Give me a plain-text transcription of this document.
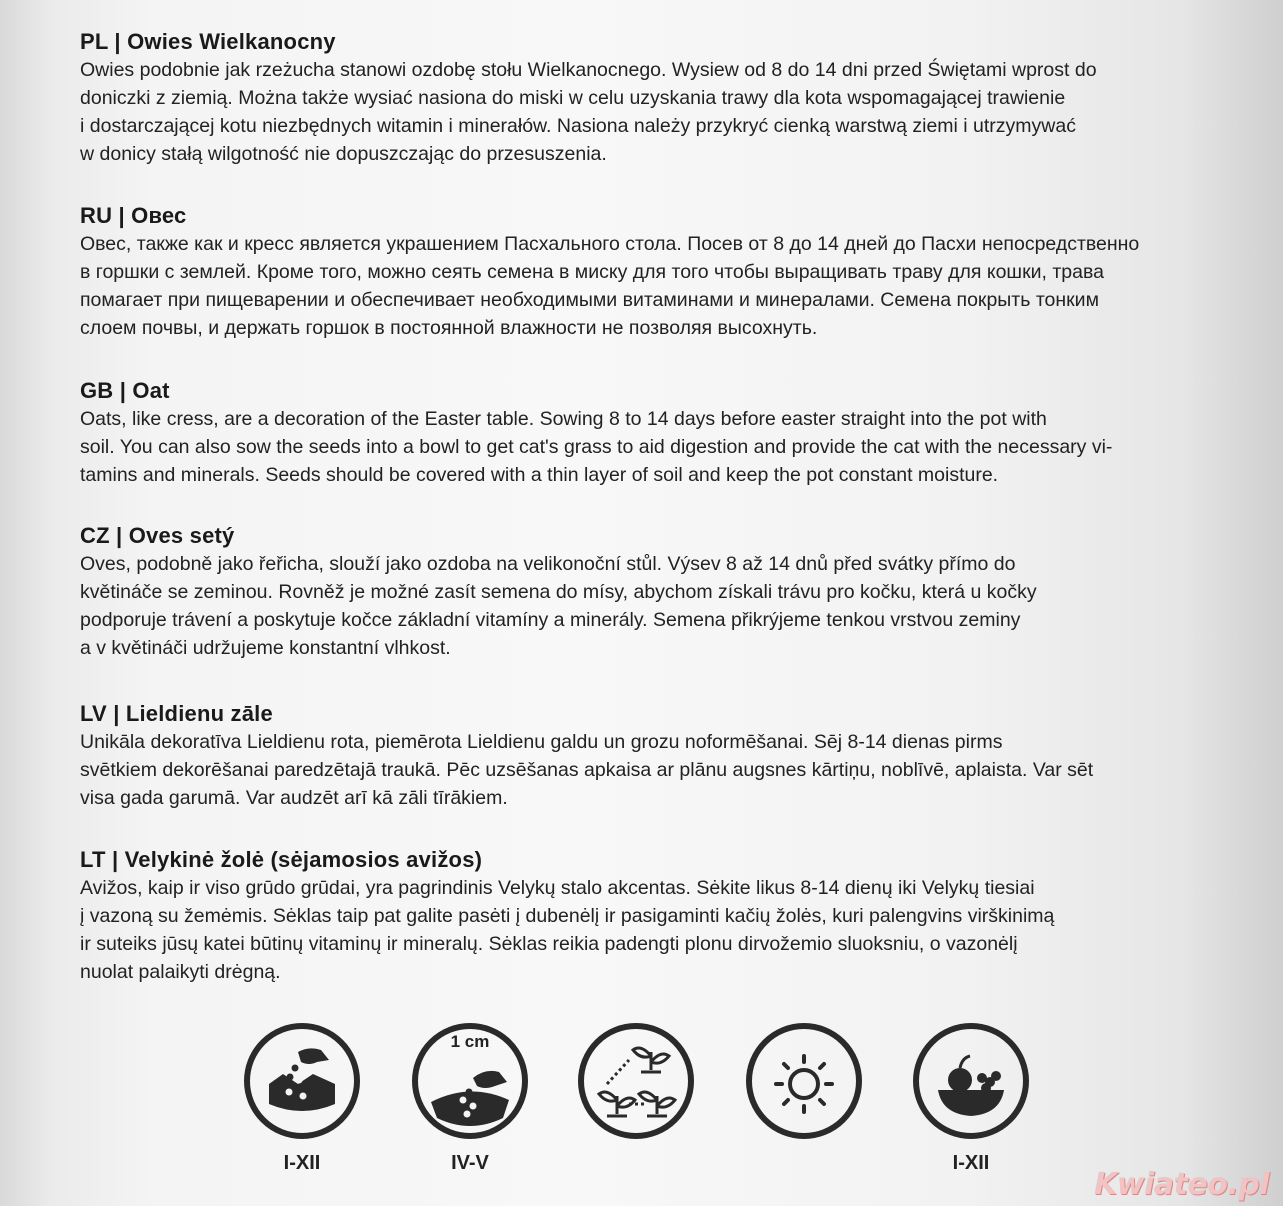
PL | Owies Wielkanocny
Owies podobnie jak rzeżucha stanowi ozdobę stołu Wielkanocnego. Wysiew od 8 do 14 dni przed Świętami wprost do
doniczki z ziemią. Można także wysiać nasiona do miski w celu uzyskania trawy dla kota wspomagającej trawienie
i dostarczającej kotu niezbędnych witamin i minerałów. Nasiona należy przykryć cienką warstwą ziemi i utrzymywać
w donicy stałą wilgotność nie dopuszczając do przesuszenia.
RU | Овес
Овес, также как и кресс является украшением Пасхального стола. Посев от 8 до 14 дней до Пасхи непосредственно
в горшки с землей. Кроме того, можно сеять семена в миску для того чтобы выращивать траву для кошки, трава
помагает при пищеварении и обеспечивает необходимыми витаминами и минералами. Семена покрыть тонким
слоем почвы, и держать горшок в постоянной влажности не позволяя высохнуть.
GB | Oat
Oats, like cress, are a decoration of the Easter table. Sowing 8 to 14 days before easter straight into the pot with
soil. You can also sow the seeds into a bowl to get cat's grass to aid digestion and provide the cat with the necessary vi-
tamins and minerals. Seeds should be covered with a thin layer of soil and keep the pot constant moisture.
CZ | Oves setý
Oves, podobně jako řeřicha, slouží jako ozdoba na velikonoční stůl. Výsev 8 až 14 dnů před svátky přímo do
květináče se zeminou. Rovněž je možné zasít semena do mísy, abychom získali trávu pro kočku, která u kočky
podporuje trávení a poskytuje kočce základní vitamíny a minerály. Semena přikrýjeme tenkou vrstvou zeminy
a v květináči udržujeme konstantní vlhkost.
LV | Lieldienu zāle
Unikāla dekoratīva Lieldienu rota, piemērota Lieldienu galdu un grozu noformēšanai. Sēj 8-14 dienas pirms
svētkiem dekorēšanai paredzētajā traukā. Pēc uzsēšanas apkaisa ar plānu augsnes kārtiņu, noblīvē, aplaista. Var sēt
visa gada garumā. Var audzēt arī kā zāli tīrākiem.
LT | Velykinė žolė (sėjamosios avižos)
Avižos, kaip ir viso grūdo grūdai, yra pagrindinis Velykų stalo akcentas. Sėkite likus 8-14 dienų iki Velykų tiesiai
į vazoną su žemėmis. Sėklas taip pat galite pasėti į dubenėlį ir pasigaminti kačių žolės, kuri palengvins virškinimą
ir suteiks jūsų katei būtinų vitaminų ir mineralų. Sėklas reikia padengti plonu dirvožemio sluoksniu, o vazonėlį
nuolat palaikyti drėgną.
I-XII
1 cm
IV-V	I-XII
Kwiateo.pl
